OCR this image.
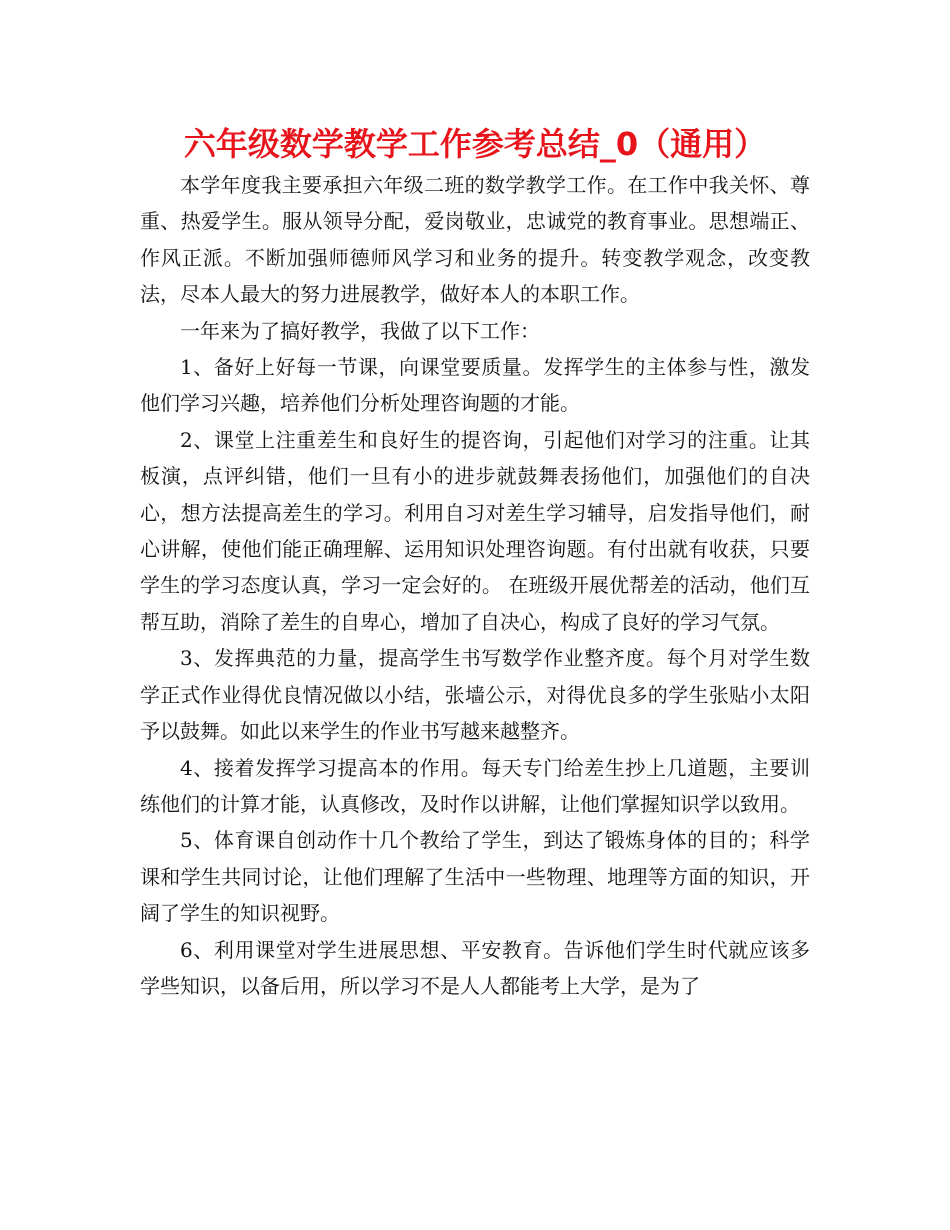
六年级数学教学工作参考总结_0（通用）

本学年度我主要承担六年级二班的数学教学工作。在工作中我关怀、尊重、热爱学生。服从领导分配，爱岗敬业，忠诚党的教育事业。思想端正、作风正派。不断加强师德师风学习和业务的提升。转变教学观念，改变教法，尽本人最大的努力进展教学，做好本人的本职工作。

一年来为了搞好教学，我做了以下工作：

1、备好上好每一节课，向课堂要质量。发挥学生的主体参与性，激发他们学习兴趣，培养他们分析处理咨询题的才能。

2、课堂上注重差生和良好生的提咨询，引起他们对学习的注重。让其板演，点评纠错，他们一旦有小的进步就鼓舞表扬他们，加强他们的自决心，想方法提高差生的学习。利用自习对差生学习辅导，启发指导他们，耐心讲解，使他们能正确理解、运用知识处理咨询题。有付出就有收获，只要学生的学习态度认真，学习一定会好的。 在班级开展优帮差的活动，他们互帮互助，消除了差生的自卑心，增加了自决心，构成了良好的学习气氛。

3、发挥典范的力量，提高学生书写数学作业整齐度。每个月对学生数学正式作业得优良情况做以小结，张墙公示，对得优良多的学生张贴小太阳予以鼓舞。如此以来学生的作业书写越来越整齐。

4、接着发挥学习提高本的作用。每天专门给差生抄上几道题，主要训练他们的计算才能，认真修改，及时作以讲解，让他们掌握知识学以致用。

5、体育课自创动作十几个教给了学生，到达了锻炼身体的目的；科学课和学生共同讨论，让他们理解了生活中一些物理、地理等方面的知识，开阔了学生的知识视野。

6、利用课堂对学生进展思想、平安教育。告诉他们学生时代就应该多学些知识，以备后用，所以学习不是人人都能考上大学，是为了
